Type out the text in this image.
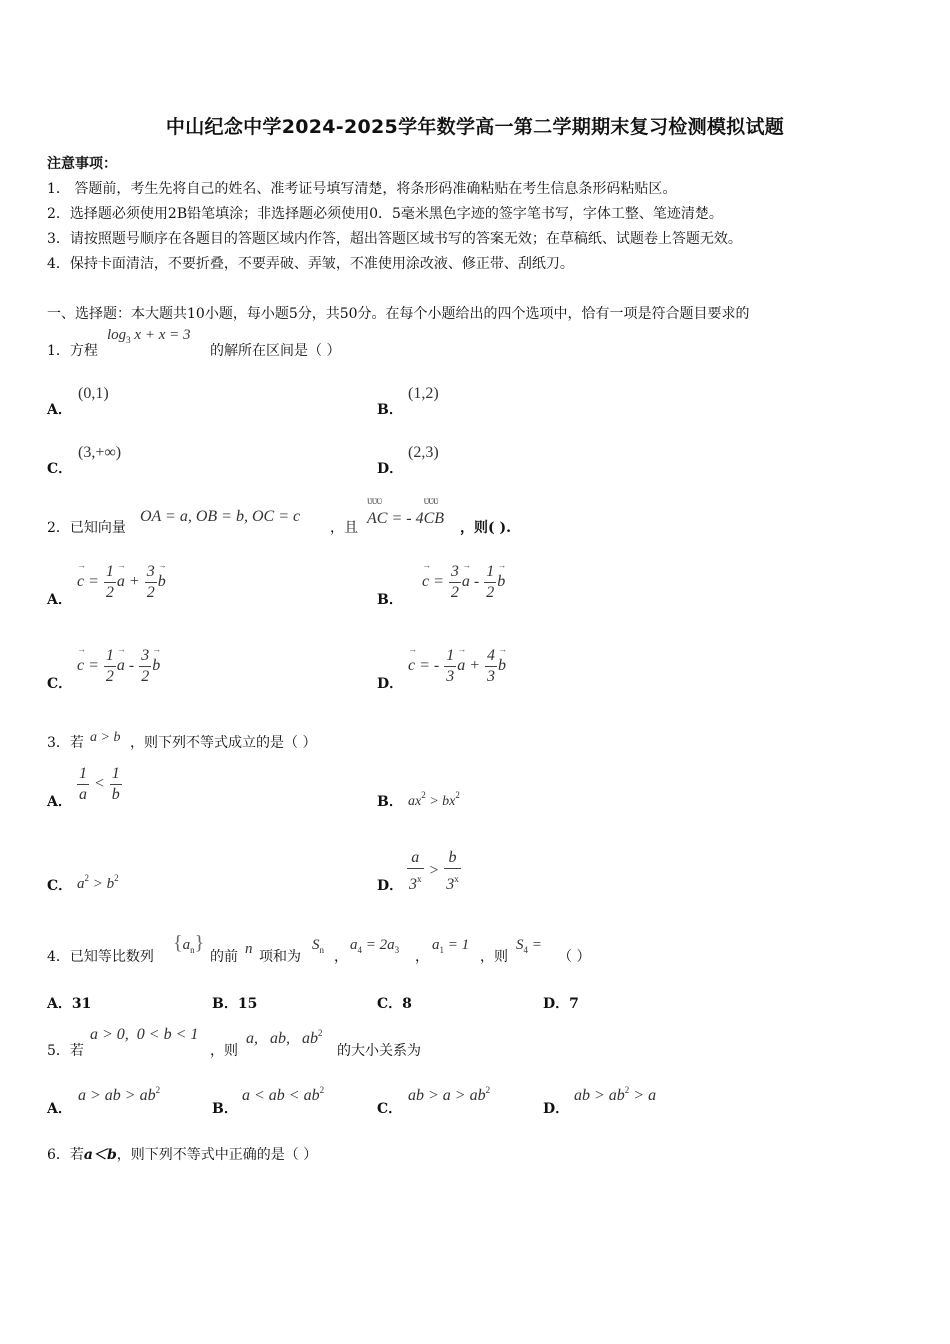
中山纪念中学2024-2025学年数学高一第二学期期末复习检测模拟试题
注意事项：
1． 答题前，考生先将自己的姓名、准考证号填写清楚，将条形码准确粘贴在考生信息条形码粘贴区。
2．选择题必须使用2B铅笔填涂；非选择题必须使用0．5毫米黑色字迹的签字笔书写，字体工整、笔迹清楚。
3．请按照题号顺序在各题目的答题区域内作答，超出答题区域书写的答案无效；在草稿纸、试题卷上答题无效。
4．保持卡面清洁，不要折叠，不要弄破、弄皱，不准使用涂改液、修正带、刮纸刀。
一、选择题：本大题共10小题，每小题5分，共50分。在每个小题给出的四个选项中，恰有一项是符合题目要求的
1．方程
$\log_3 x + x = 3$
的解所在区间是（ ）
A．
(0,1)
B．
(1,2)
C．
(3,+∞)
D．
(2,3)
2．已知向量
OA = a, OB = b, OC = c
，且
ƲƲƲ AC = - 4ƲƲƲ CB
，则( ).
A．
→ $c = \frac{1}{2}$
→ $a + \frac{3}{2}$
→ b
B．
→ $c = \frac{3}{2}$
→ a - $\frac{1}{2}$
→ b
C．
→ $c = \frac{1}{2}$
→ a - $\frac{3}{2}$
→ b
D．
→ c = - $\frac{1}{3}$
→ $a + \frac{4}{3}$
→ b
3．若 a > b ，则下列不等式成立的是（ ）
A． $\frac{1}{a} < \frac{1}{b}$	B． $ax^2 > bx^2$
C． $a^2 > b^2$	D． $\frac{a}{3^x} > \frac{b}{3^x}$
4．已知等比数列
$\{a_n\}$
的前 n 项和为
$S_n$ ，
$a_4 = 2a_3$ ，
$a_1 = 1$
，则
$S_4$ =
（ ）
A．31	B．15	C．8	D．7
5．若
a > 0,  0 < b < 1
，则
a,   ab,   $ab^2$
的大小关系为
A．
a > ab > $ab^2$
B．
a < ab < $ab^2$
C．
ab > $a > ab^2$
D．
ab > $ab^2 > a$
6．若a＜b，则下列不等式中正确的是（ ）
